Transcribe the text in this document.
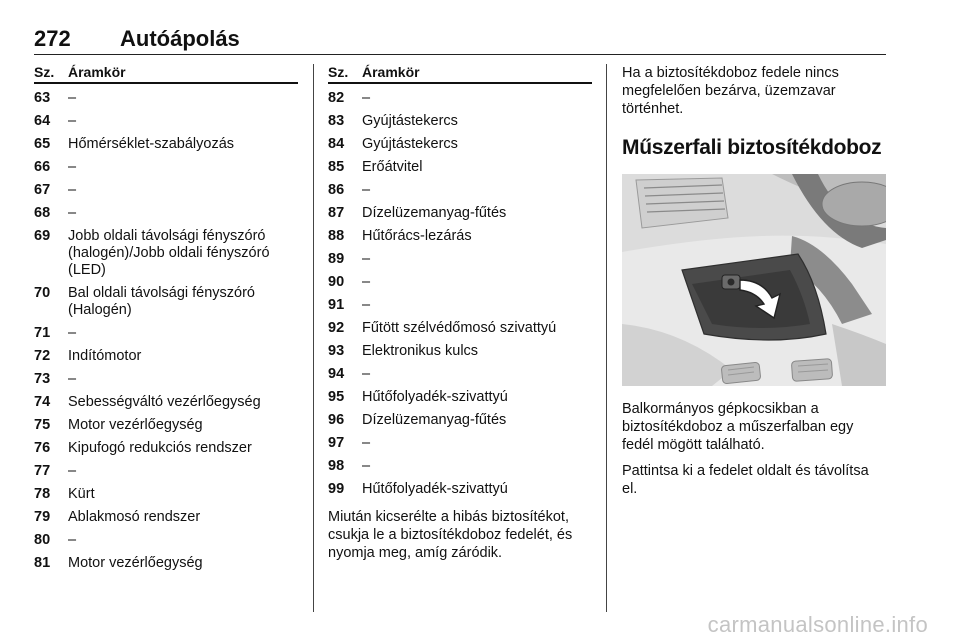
272 Autóápolás
Sz. Áramkör
63	–
64	–
65	Hőmérséklet-szabályozás
66	–
67	–
68	–
69	Jobb oldali távolsági fényszóró (halogén)/Jobb oldali fényszóró (LED)
70	Bal oldali távolsági fényszóró (Halogén)
71	–
72	Indítómotor
73	–
74	Sebességváltó vezérlőegység
75	Motor vezérlőegység
76	Kipufogó redukciós rendszer
77	–
78	Kürt
79	Ablakmosó rendszer
80	–
81	Motor vezérlőegység
Sz. Áramkör
82	–
83	Gyújtástekercs
84	Gyújtástekercs
85	Erőátvitel
86	–
87	Dízelüzemanyag-fűtés
88	Hűtőrács-lezárás
89	–
90	–
91	–
92	Fűtött szélvédőmosó szivattyú
93	Elektronikus kulcs
94	–
95	Hűtőfolyadék-szivattyú
96	Dízelüzemanyag-fűtés
97	–
98	–
99	Hűtőfolyadék-szivattyú

Miután kicserélte a hibás biztosítékot, csukja le a biztosítékdoboz fedelét, és nyomja meg, amíg záródik.

Ha a biztosítékdoboz fedele nincs megfelelően bezárva, üzemzavar történhet.

Műszerfali biztosítékdoboz

Balkormányos gépkocsikban a biztosítékdoboz a műszerfalban egy fedél mögött található.

Pattintsa ki a fedelet oldalt és távolítsa el.

carmanualsonline.info
